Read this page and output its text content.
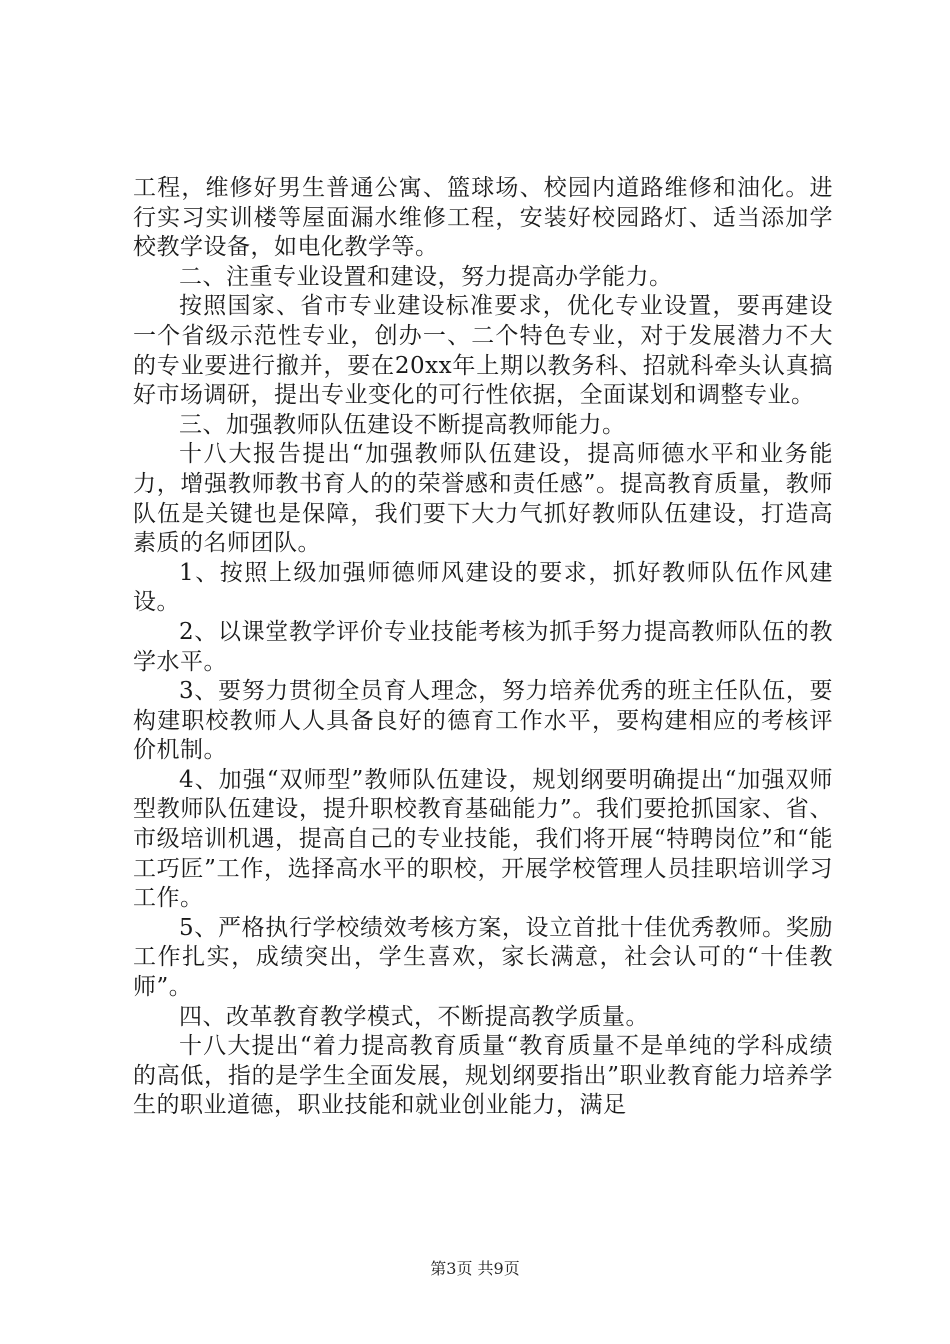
工程，维修好男生普通公寓、篮球场、校园内道路维修和油化。进行实习实训楼等屋面漏水维修工程，安装好校园路灯、适当添加学校教学设备，如电化教学等。

二、注重专业设置和建设，努力提高办学能力。

按照国家、省市专业建设标准要求，优化专业设置，要再建设一个省级示范性专业，创办一、二个特色专业，对于发展潜力不大的专业要进行撤并，要在20xx年上期以教务科、招就科牵头认真搞好市场调研，提出专业变化的可行性依据，全面谋划和调整专业。

三、加强教师队伍建设不断提高教师能力。

十八大报告提出“加强教师队伍建设，提高师德水平和业务能力，增强教师教书育人的的荣誉感和责任感”。提高教育质量，教师队伍是关键也是保障，我们要下大力气抓好教师队伍建设，打造高素质的名师团队。

1、按照上级加强师德师风建设的要求，抓好教师队伍作风建设。

2、以课堂教学评价专业技能考核为抓手努力提高教师队伍的教学水平。

3、要努力贯彻全员育人理念，努力培养优秀的班主任队伍，要构建职校教师人人具备良好的德育工作水平，要构建相应的考核评价机制。

4、加强“双师型”教师队伍建设，规划纲要明确提出“加强双师型教师队伍建设，提升职校教育基础能力”。我们要抢抓国家、省、市级培训机遇，提高自己的专业技能，我们将开展“特聘岗位”和“能工巧匠”工作，选择高水平的职校，开展学校管理人员挂职培训学习工作。

5、严格执行学校绩效考核方案，设立首批十佳优秀教师。奖励工作扎实，成绩突出，学生喜欢，家长满意，社会认可的“十佳教师”。

四、改革教育教学模式，不断提高教学质量。

十八大提出“着力提高教育质量“教育质量不是单纯的学科成绩的高低，指的是学生全面发展，规划纲要指出”职业教育能力培养学生的职业道德，职业技能和就业创业能力，满足

第3页 共9页
